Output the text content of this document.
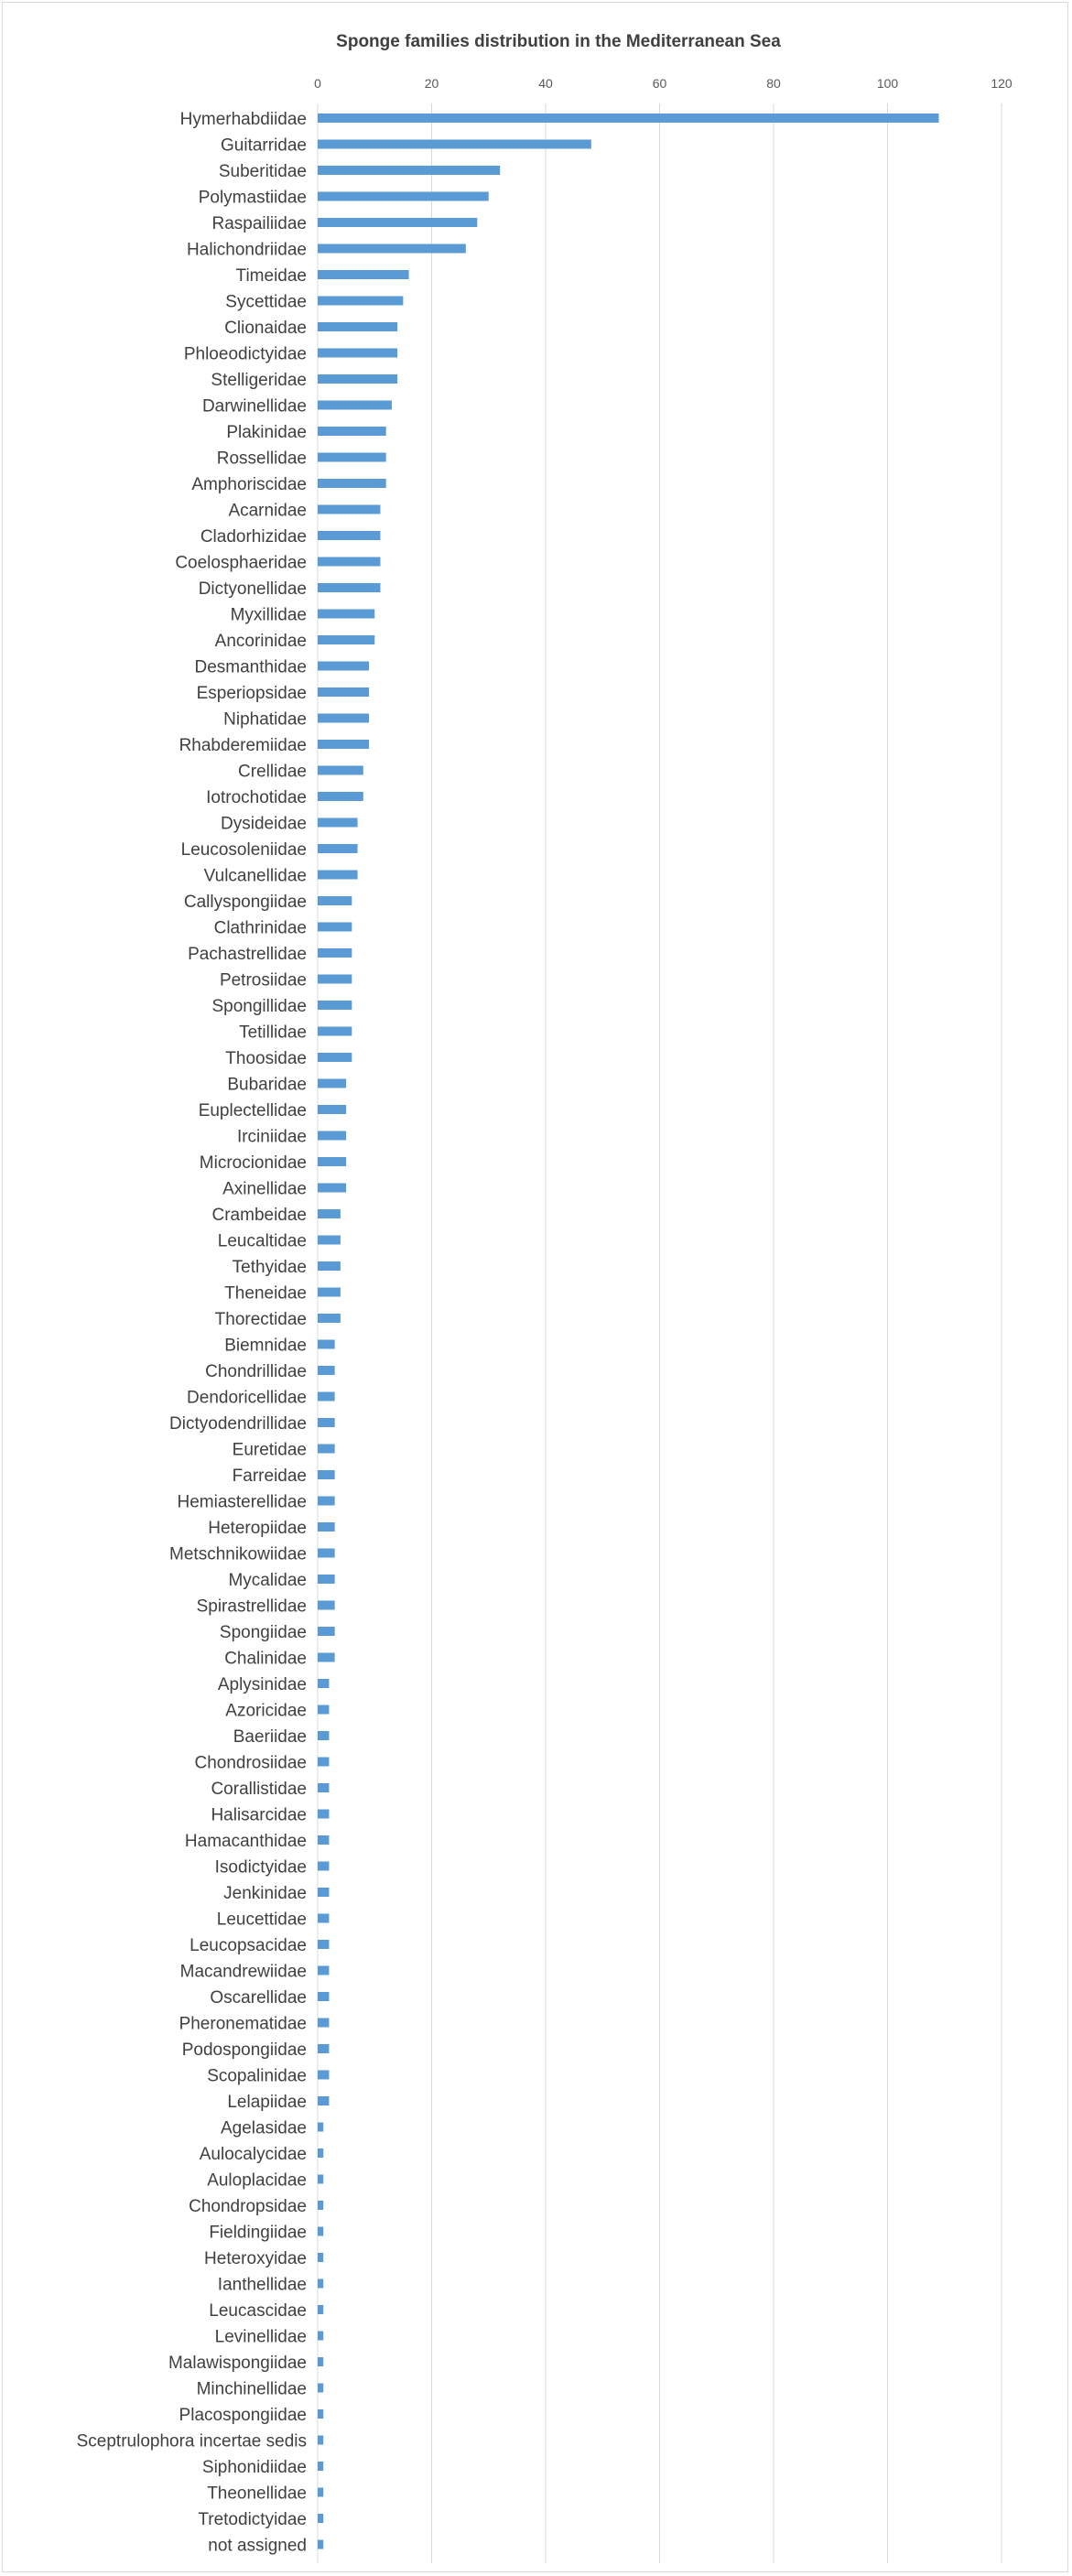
Sponge families distribution in the Mediterranean Sea
0	20	40	60	80	100	120
Hymerhabdiidae
Guitarridae
Suberitidae
Polymastiidae
Raspailiidae
Halichondriidae
Timeidae
Sycettidae
Clionaidae
Phloeodictyidae
Stelligeridae
Darwinellidae
Plakinidae
Rossellidae
Amphoriscidae
Acarnidae
Cladorhizidae
Coelosphaeridae
Dictyonellidae
Myxillidae
Ancorinidae
Desmanthidae
Esperiopsidae
Niphatidae
Rhabderemiidae
Crellidae
Iotrochotidae
Dysideidae
Leucosoleniidae
Vulcanellidae
Callyspongiidae
Clathrinidae
Pachastrellidae
Petrosiidae
Spongillidae
Tetillidae
Thoosidae
Bubaridae
Euplectellidae
Irciniidae
Microcionidae
Axinellidae
Crambeidae
Leucaltidae
Tethyidae
Theneidae
Thorectidae
Biemnidae
Chondrillidae
Dendoricellidae
Dictyodendrillidae
Euretidae
Farreidae
Hemiasterellidae
Heteropiidae
Metschnikowiidae
Mycalidae
Spirastrellidae
Spongiidae
Chalinidae
Aplysinidae
Azoricidae
Baeriidae
Chondrosiidae
Corallistidae
Halisarcidae
Hamacanthidae
Isodictyidae
Jenkinidae
Leucettidae
Leucopsacidae
Macandrewiidae
Oscarellidae
Pheronematidae
Podospongiidae
Scopalinidae
Lelapiidae
Agelasidae
Aulocalycidae
Auloplacidae
Chondropsidae
Fieldingiidae
Heteroxyidae
Ianthellidae
Leucascidae
Levinellidae
Malawispongiidae
Minchinellidae
Placospongiidae
Sceptrulophora incertae sedis
Siphonidiidae
Theonellidae
Tretodictyidae
not assigned
